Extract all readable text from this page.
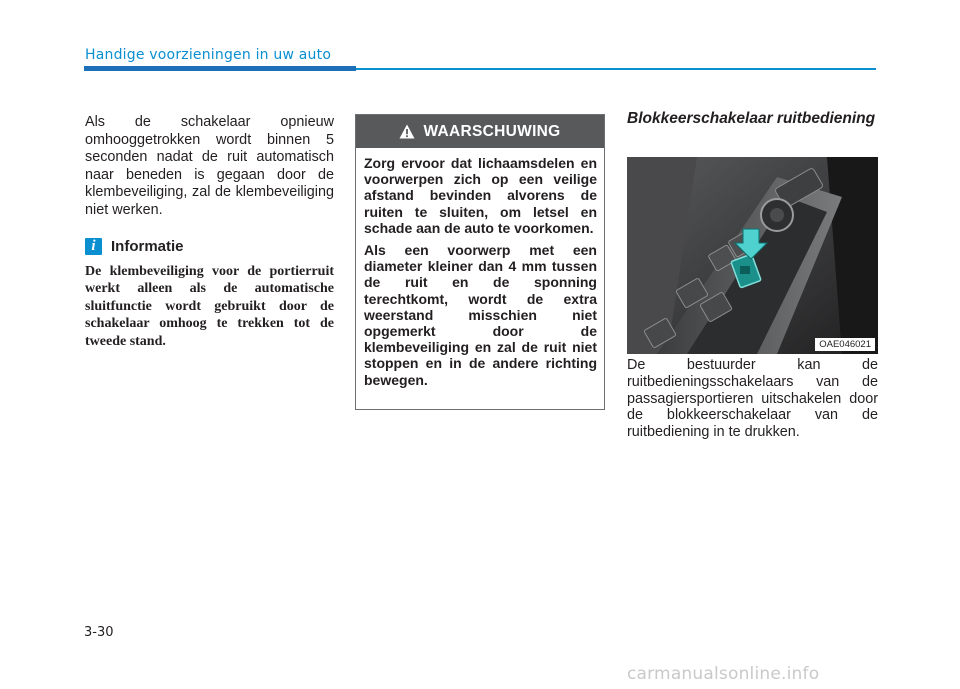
Handige voorzieningen in uw auto

Als de schakelaar opnieuw omhooggetrokken wordt binnen 5 seconden nadat de ruit automatisch naar beneden is gegaan door de klembeveiliging, zal de klembeveiliging niet werken.

i	Informatie

De klembeveiliging voor de portierruit werkt alleen als de automatische sluitfunctie wordt gebruikt door de schakelaar omhoog te trekken tot de tweede stand.

WAARSCHUWING

Zorg ervoor dat lichaamsdelen en voorwerpen zich op een veilige afstand bevinden alvorens de ruiten te sluiten, om letsel en schade aan de auto te voorkomen.

Als een voorwerp met een diameter kleiner dan 4 mm tussen de ruit en de sponning terechtkomt, wordt de extra weerstand misschien niet opgemerkt door de klembeveiliging en zal de ruit niet stoppen en in de andere richting bewegen.

Blokkeerschakelaar ruitbediening

OAE046021

De bestuurder kan de ruitbedieningsschakelaars van de passagiersportieren uitschakelen door de blokkeerschakelaar van de ruitbediening in te drukken.

3-30
carmanualsonline.info
